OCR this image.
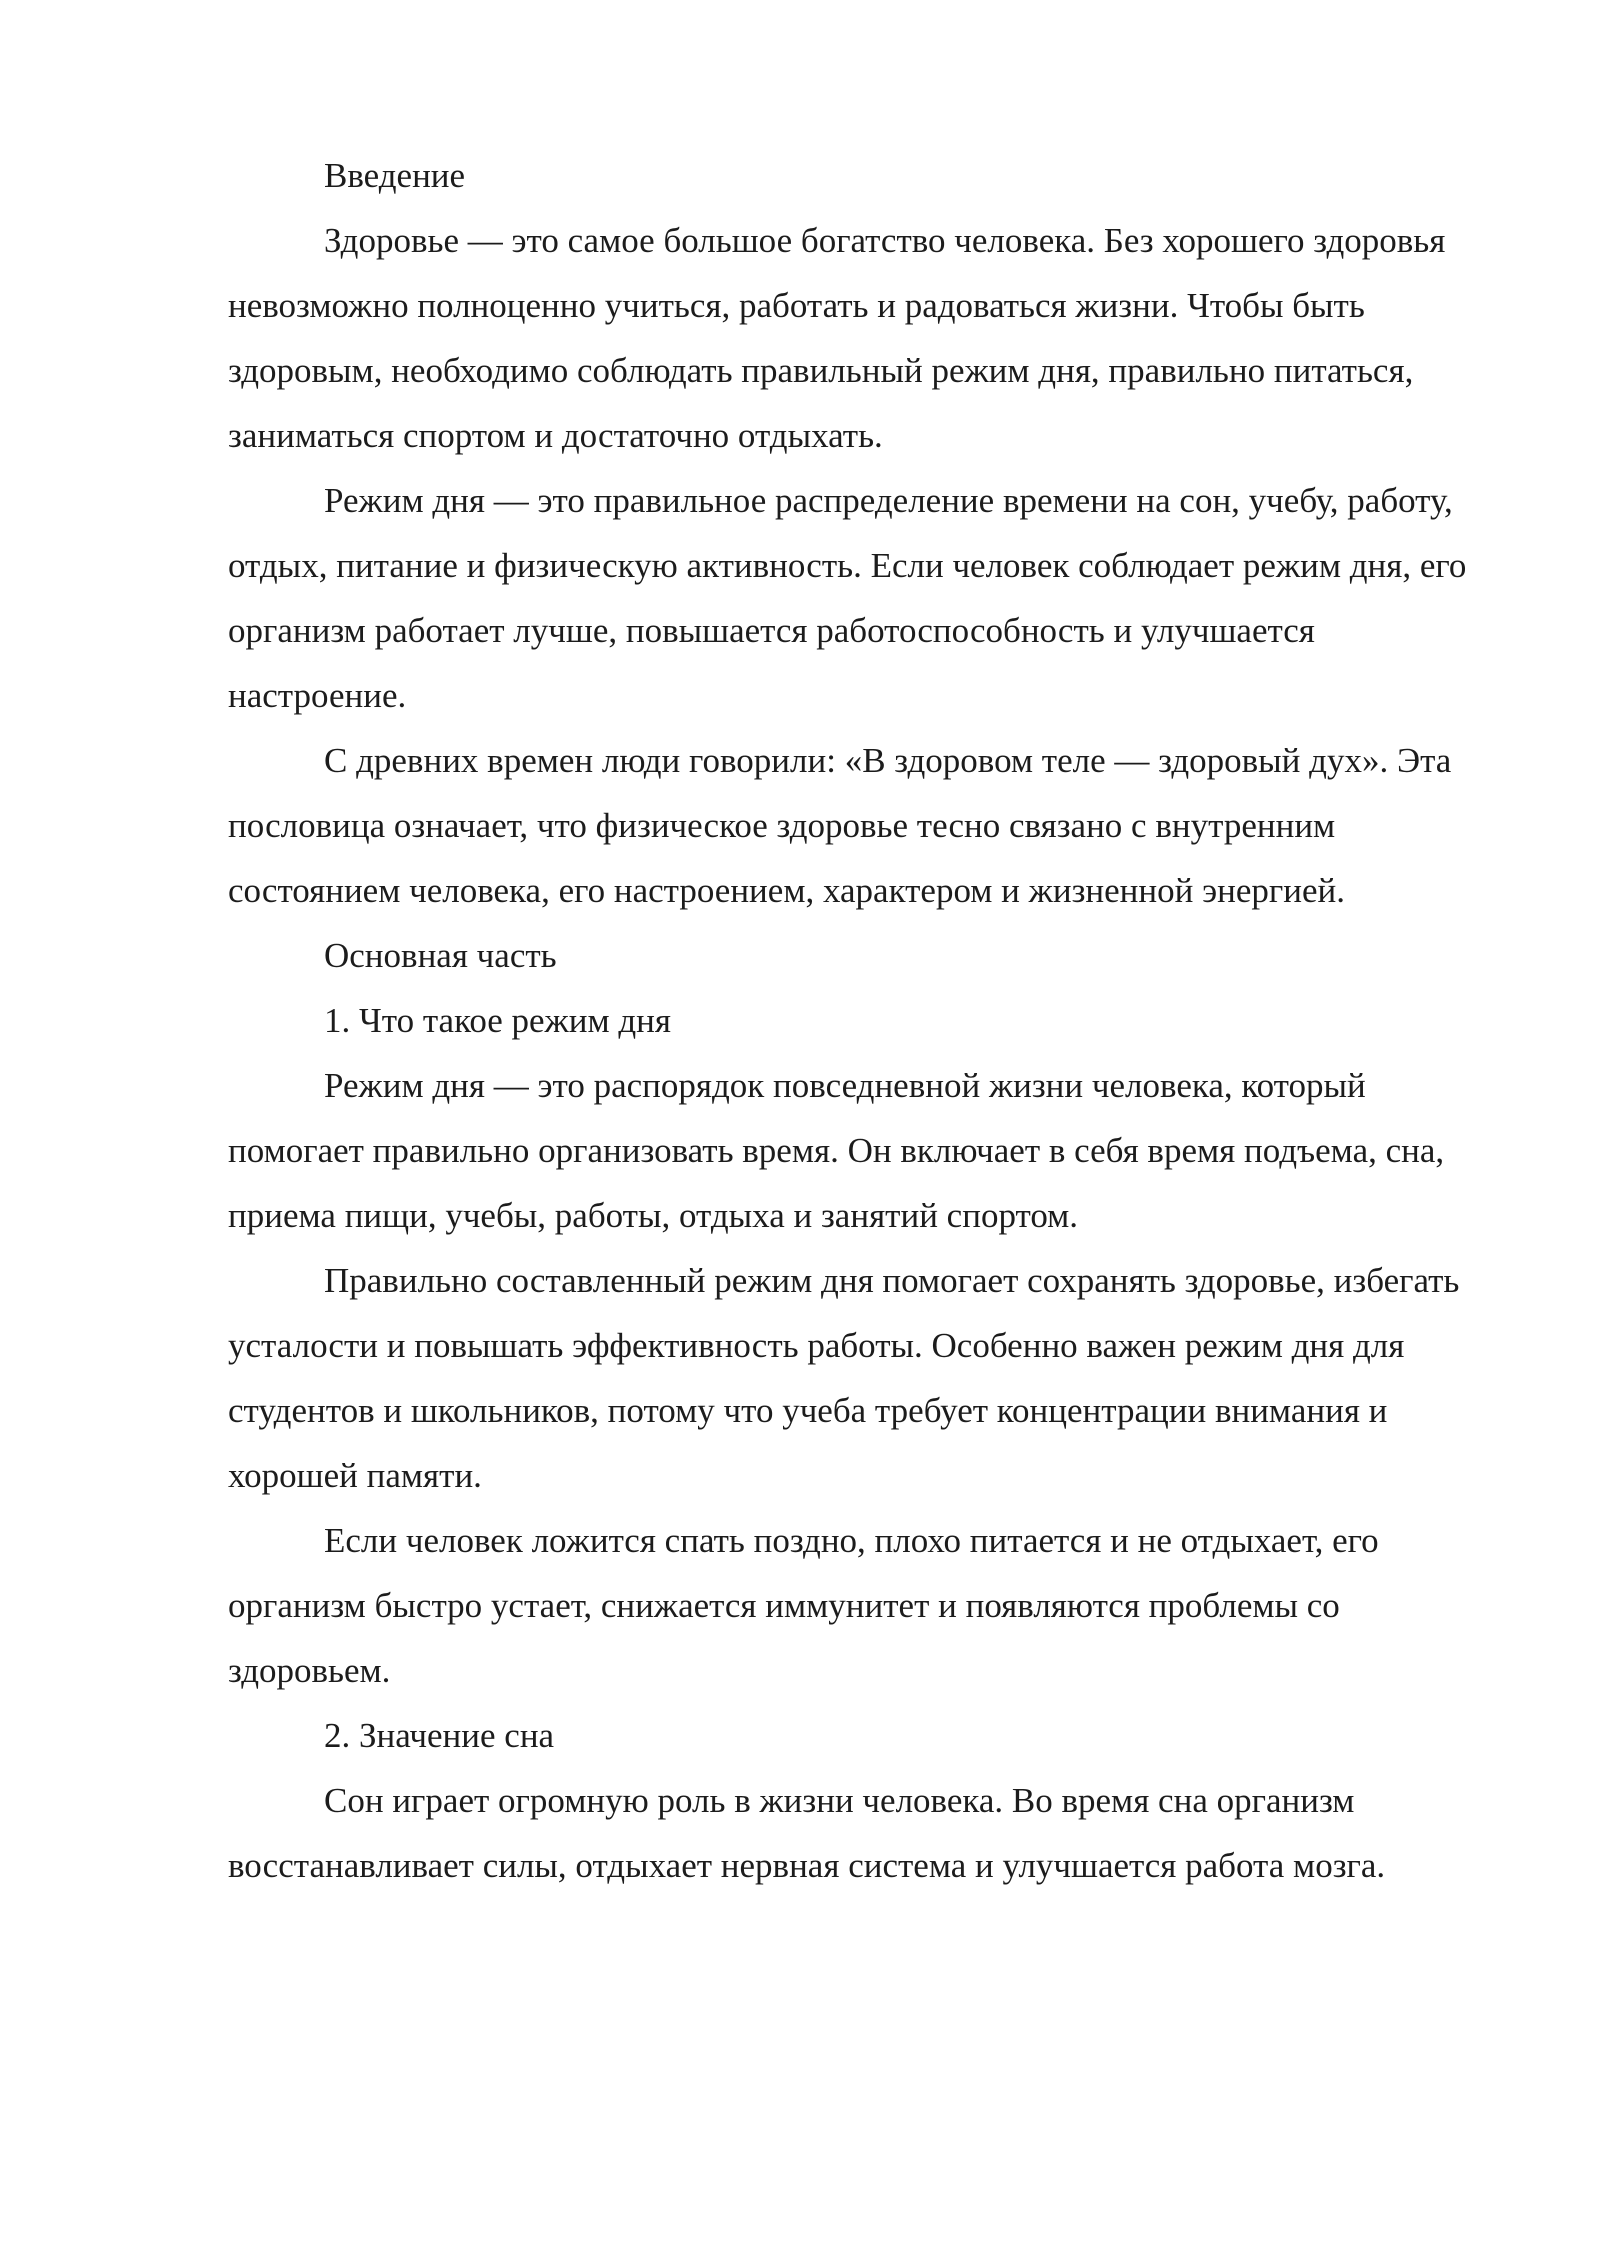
Введение

Здоровье — это самое большое богатство человека. Без хорошего здоровья невозможно полноценно учиться, работать и радоваться жизни. Чтобы быть здоровым, необходимо соблюдать правильный режим дня, правильно питаться, заниматься спортом и достаточно отдыхать.

Режим дня — это правильное распределение времени на сон, учебу, работу, отдых, питание и физическую активность. Если человек соблюдает режим дня, его организм работает лучше, повышается работоспособность и улучшается настроение.

С древних времен люди говорили: «В здоровом теле — здоровый дух». Эта пословица означает, что физическое здоровье тесно связано с внутренним состоянием человека, его настроением, характером и жизненной энергией.

Основная часть
1. Что такое режим дня

Режим дня — это распорядок повседневной жизни человека, который помогает правильно организовать время. Он включает в себя время подъема, сна, приема пищи, учебы, работы, отдыха и занятий спортом.

Правильно составленный режим дня помогает сохранять здоровье, избегать усталости и повышать эффективность работы. Особенно важен режим дня для студентов и школьников, потому что учеба требует концентрации внимания и хорошей памяти.

Если человек ложится спать поздно, плохо питается и не отдыхает, его организм быстро устает, снижается иммунитет и появляются проблемы со здоровьем.

2. Значение сна

Сон играет огромную роль в жизни человека. Во время сна организм восстанавливает силы, отдыхает нервная система и улучшается работа мозга.
